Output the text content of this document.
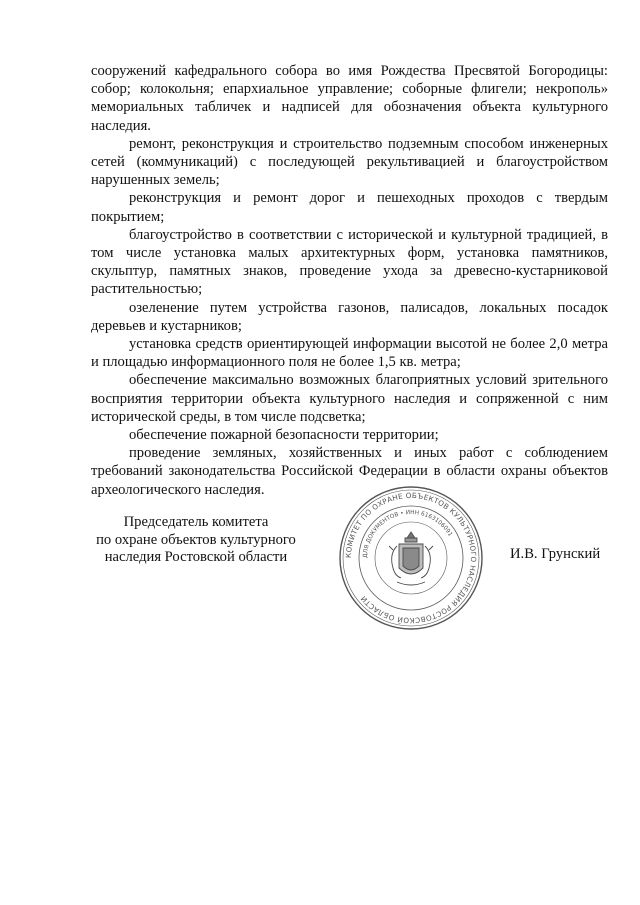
сооружений кафедрального собора во имя Рождества Пресвятой Богородицы: собор; колокольня; епархиальное управление; соборные флигели; некрополь» мемориальных табличек и надписей для обозначения объекта культурного наследия.

ремонт, реконструкция и строительство подземным способом инженерных сетей (коммуникаций) с последующей рекультивацией и благоустройством нарушенных земель;

реконструкция и ремонт дорог и пешеходных проходов с твердым покрытием;

благоустройство в соответствии с исторической и культурной традицией, в том числе установка малых архитектурных форм, установка памятников, скульптур, памятных знаков, проведение ухода за древесно-кустарниковой растительностью;

озеленение путем устройства газонов, палисадов, локальных посадок деревьев и кустарников;

установка средств ориентирующей информации высотой не более 2,0 метра и площадью информационного поля не более 1,5 кв. метра;

обеспечение максимально возможных благоприятных условий зрительного восприятия территории объекта культурного наследия и сопряженной с ним исторической среды, в том числе подсветка;

обеспечение пожарной безопасности территории;

проведение земляных, хозяйственных и иных работ с соблюдением требований законодательства Российской Федерации в области охраны объектов археологического наследия.

Председатель комитета
по охране объектов культурного
наследия Ростовской области	КОМИТЕТ ПО ОХРАНЕ ОБЪЕКТОВ КУЛЬТУРНОГО НАСЛЕДИЯ РОСТОВСКОЙ ОБЛАСТИ
ДЛЯ ДОКУМЕНТОВ • ИНН 6163106091
И.В. Грунский
